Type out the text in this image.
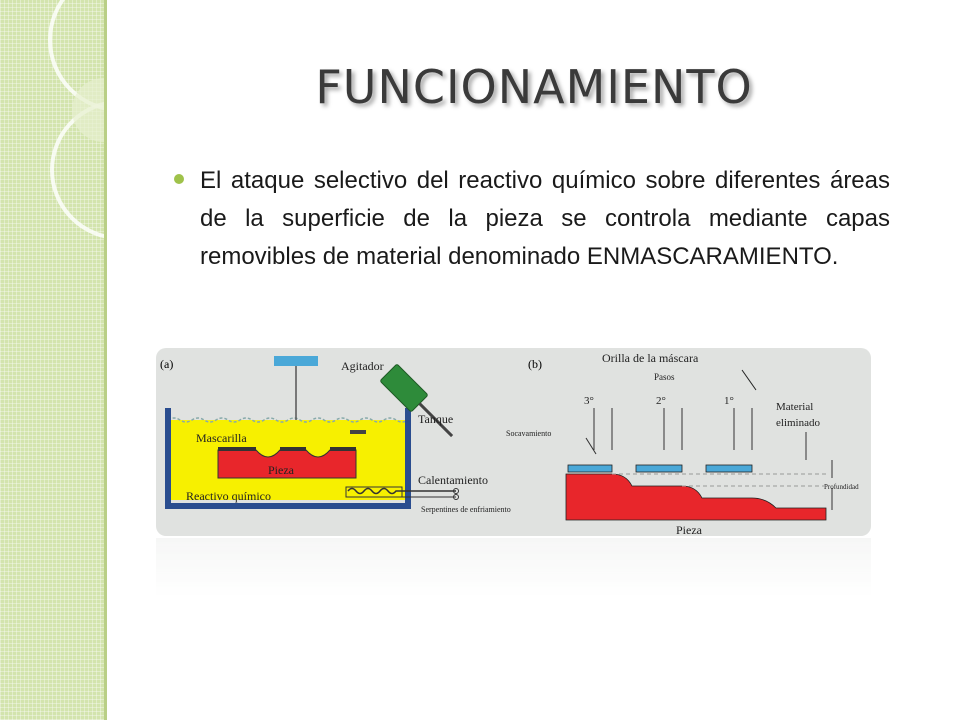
FUNCIONAMIENTO

El ataque selectivo del reactivo químico sobre diferentes áreas de la superficie de la pieza se controla mediante capas removibles de material denominado ENMASCARAMIENTO.

(a)	Agitador
Tanque
Mascarilla
Pieza
Calentamiento
Reactivo químico
Serpentines de enfriamiento
(b)	Orilla de la máscara
Pasos
3°	2°	1°	Material
eliminado
Socavamiento
Profundidad
Pieza
